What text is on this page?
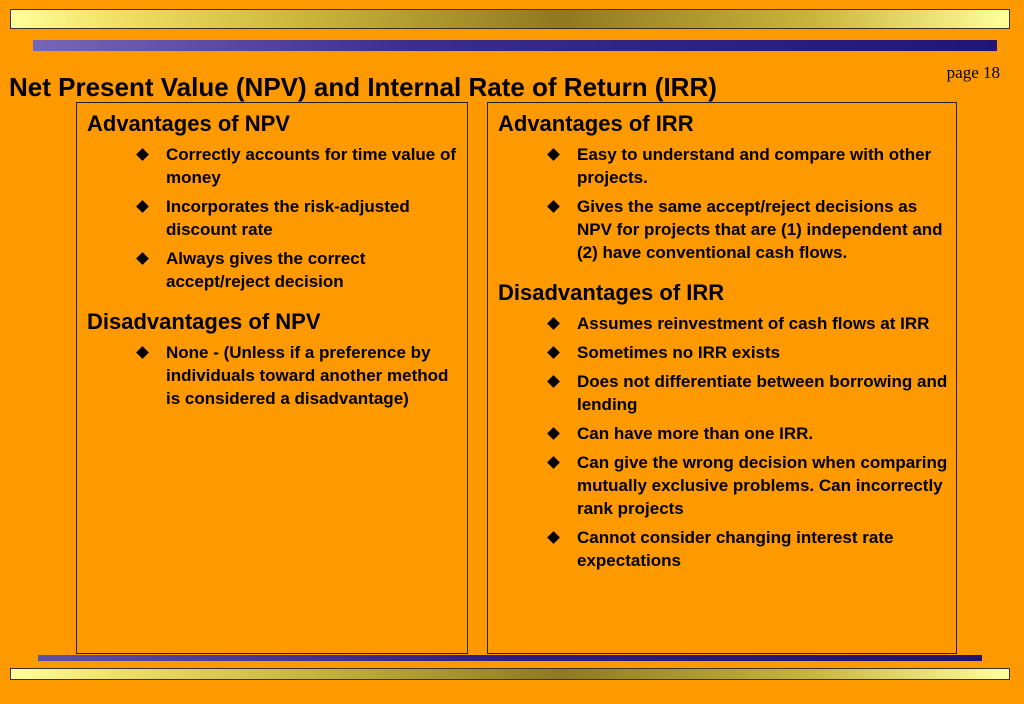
page 18
Net Present Value (NPV) and Internal Rate of Return (IRR)
Advantages of NPV
Correctly accounts for time value of money
Incorporates the risk-adjusted discount rate
Always gives the correct accept/reject decision
Disadvantages of NPV
None - (Unless if a preference by individuals toward another method is considered a disadvantage)
Advantages of IRR
Easy to understand and compare with other projects.
Gives the same accept/reject decisions as NPV for projects that are (1) independent and (2) have conventional cash flows.
Disadvantages of IRR
Assumes reinvestment of cash flows at IRR
Sometimes no IRR exists
Does not differentiate between borrowing and lending
Can have more than one IRR.
Can give the wrong decision when comparing mutually exclusive problems. Can incorrectly rank projects
Cannot consider changing interest rate expectations
